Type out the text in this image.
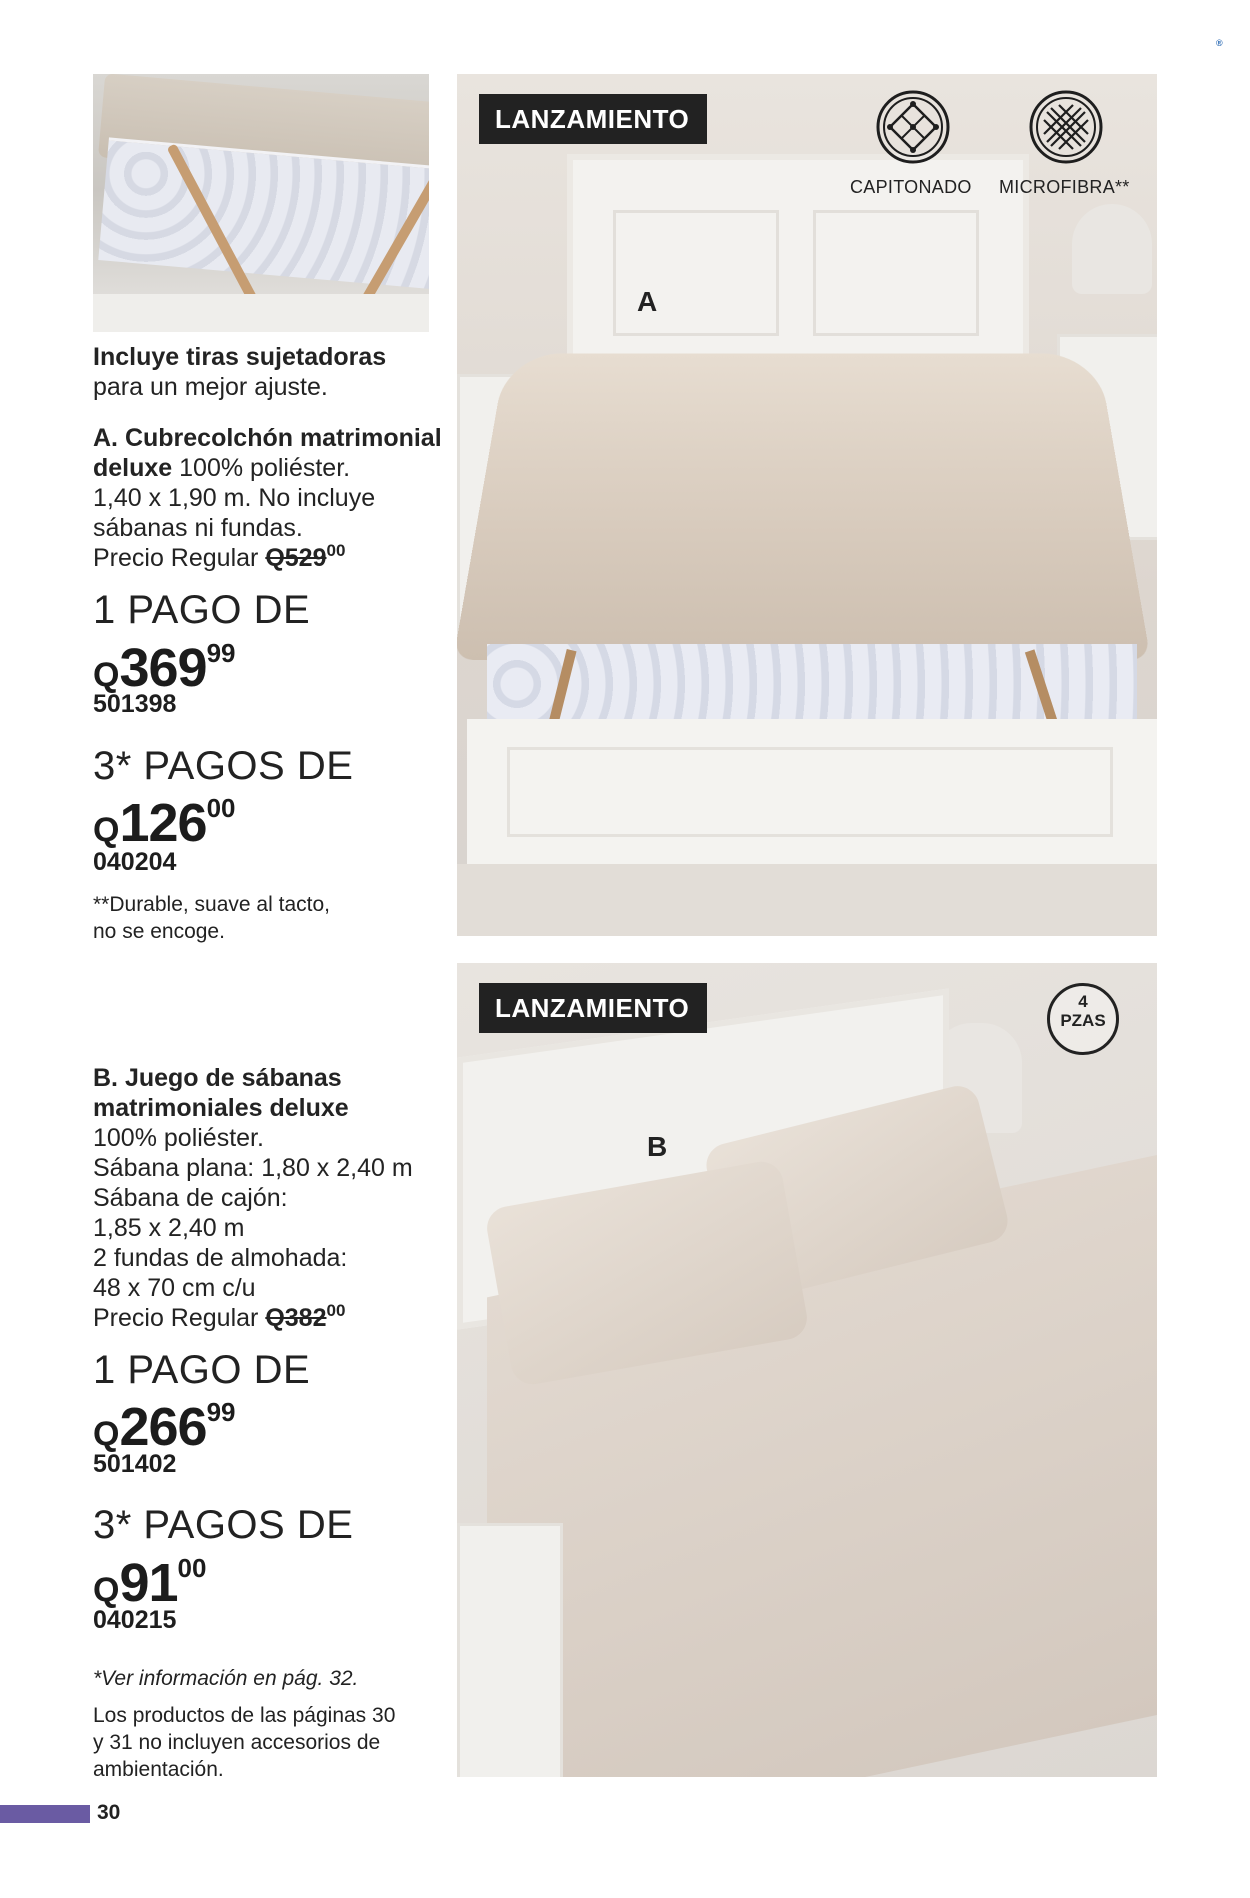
®
Incluye tiras sujetadoras
para un mejor ajuste.
A. Cubrecolchón matrimonial
deluxe 100% poliéster.
1,40 x 1,90 m. No incluye
sábanas ni fundas.
Precio Regular $Q529^{00}$
1 PAGO DE
Q36999
501398
3* PAGOS DE
Q12600
040204
**Durable, suave al tacto,
no se encoge.
LANZAMIENTO
A
CAPITONADO MICROFIBRA**
B. Juego de sábanas
matrimoniales deluxe
100% poliéster.
Sábana plana: 1,80 x 2,40 m
Sábana de cajón:
1,85 x 2,40 m
2 fundas de almohada:
48 x 70 cm c/u
Precio Regular $Q382^{00}$
1 PAGO DE
Q26699
501402
3* PAGOS DE
Q9100
040215
*Ver información en pág. 32.
Los productos de las páginas 30
y 31 no incluyen accesorios de
ambientación.
LANZAMIENTO
B
4
PZAS
30
